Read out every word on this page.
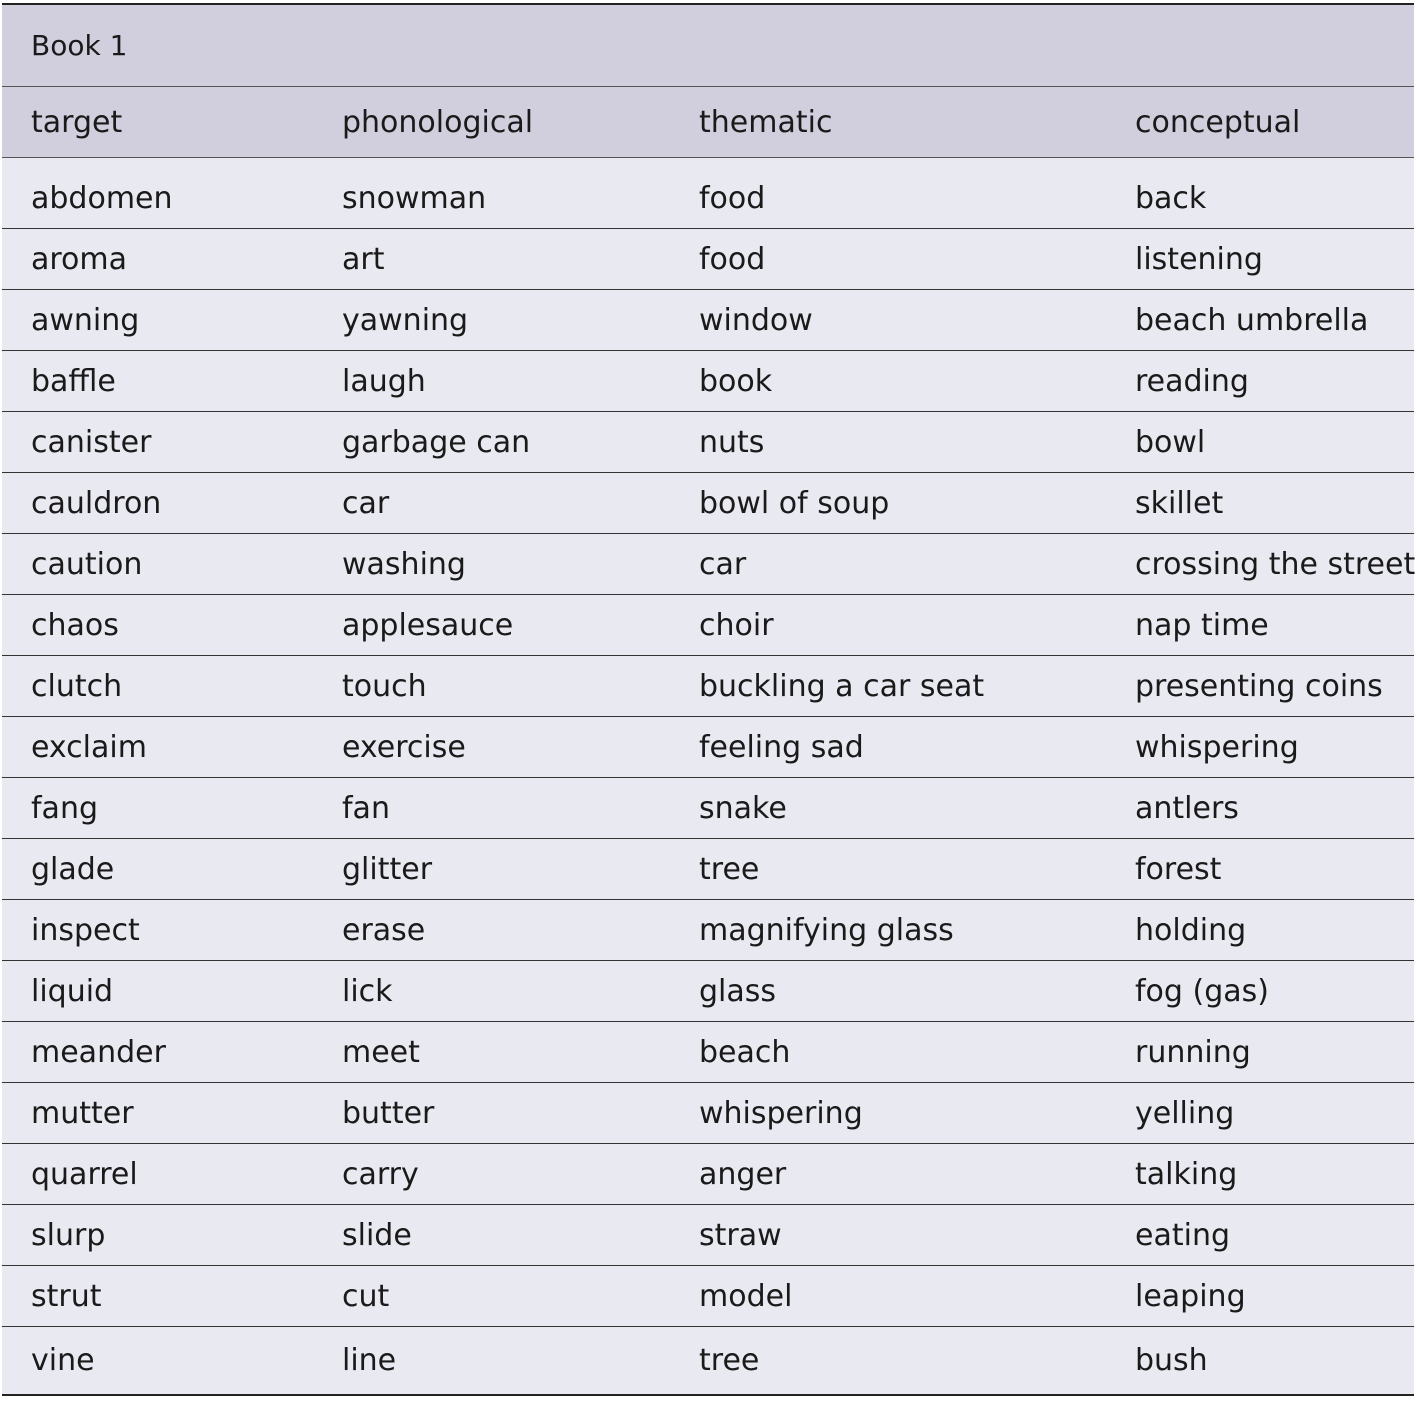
Book 1
target	phonological	thematic	conceptual
abdomen	snowman	food	back
aroma	art	food	listening
awning	yawning	window	beach umbrella
baffle	laugh	book	reading
canister	garbage can	nuts	bowl
cauldron	car	bowl of soup	skillet
caution	washing	car	crossing the street
chaos	applesauce	choir	nap time
clutch	touch	buckling a car seat	presenting coins
exclaim	exercise	feeling sad	whispering
fang	fan	snake	antlers
glade	glitter	tree	forest
inspect	erase	magnifying glass	holding
liquid	lick	glass	fog (gas)
meander	meet	beach	running
mutter	butter	whispering	yelling
quarrel	carry	anger	talking
slurp	slide	straw	eating
strut	cut	model	leaping
vine	line	tree	bush
